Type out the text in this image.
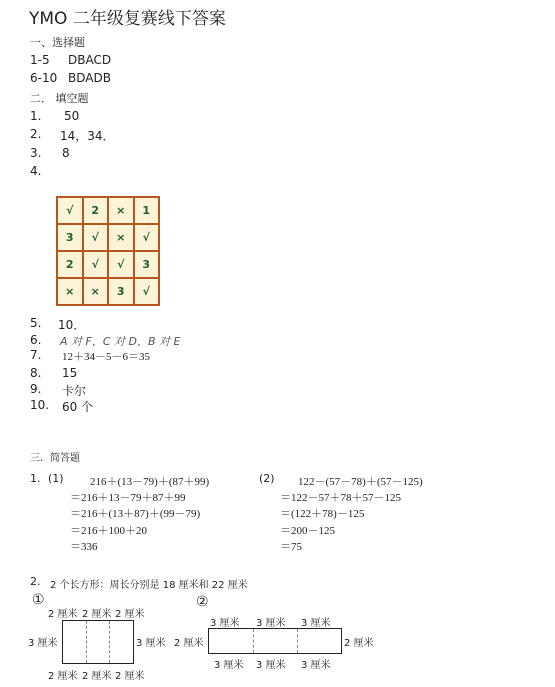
YMO 二年级复赛线下答案
一、选择题
1-5 DBACD
6-10 BDADB
二． 填空题
1. 50
2. 14，34．
3. 8
4.
√	2	×	1
3	√	×	√
2	√	√	3
×	×	3	√
5. 10．
6. A 对 F，C 对 D，B 对 E
7. 12＋34－5－6＝35
8. 15
9. 卡尔
10. 60 个
三．简答题
1. (1) 216＋(13－79)＋(87＋99)
＝216＋13－79＋87＋99
＝216＋(13＋87)＋(99－79)
＝216＋100＋20
＝336
(2) 122－(57－78)＋(57－125)
＝122－57＋78＋57－125
＝(122＋78)－125
＝200－125
＝75
2. 2 个长方形：周长分别是 18 厘米和 22 厘米
①
2 厘米 2 厘米 2 厘米
3 厘米	3 厘米
2 厘米 2 厘米 2 厘米
②
3 厘米 3 厘米 3 厘米
2 厘米	2 厘米
3 厘米 3 厘米 3 厘米
